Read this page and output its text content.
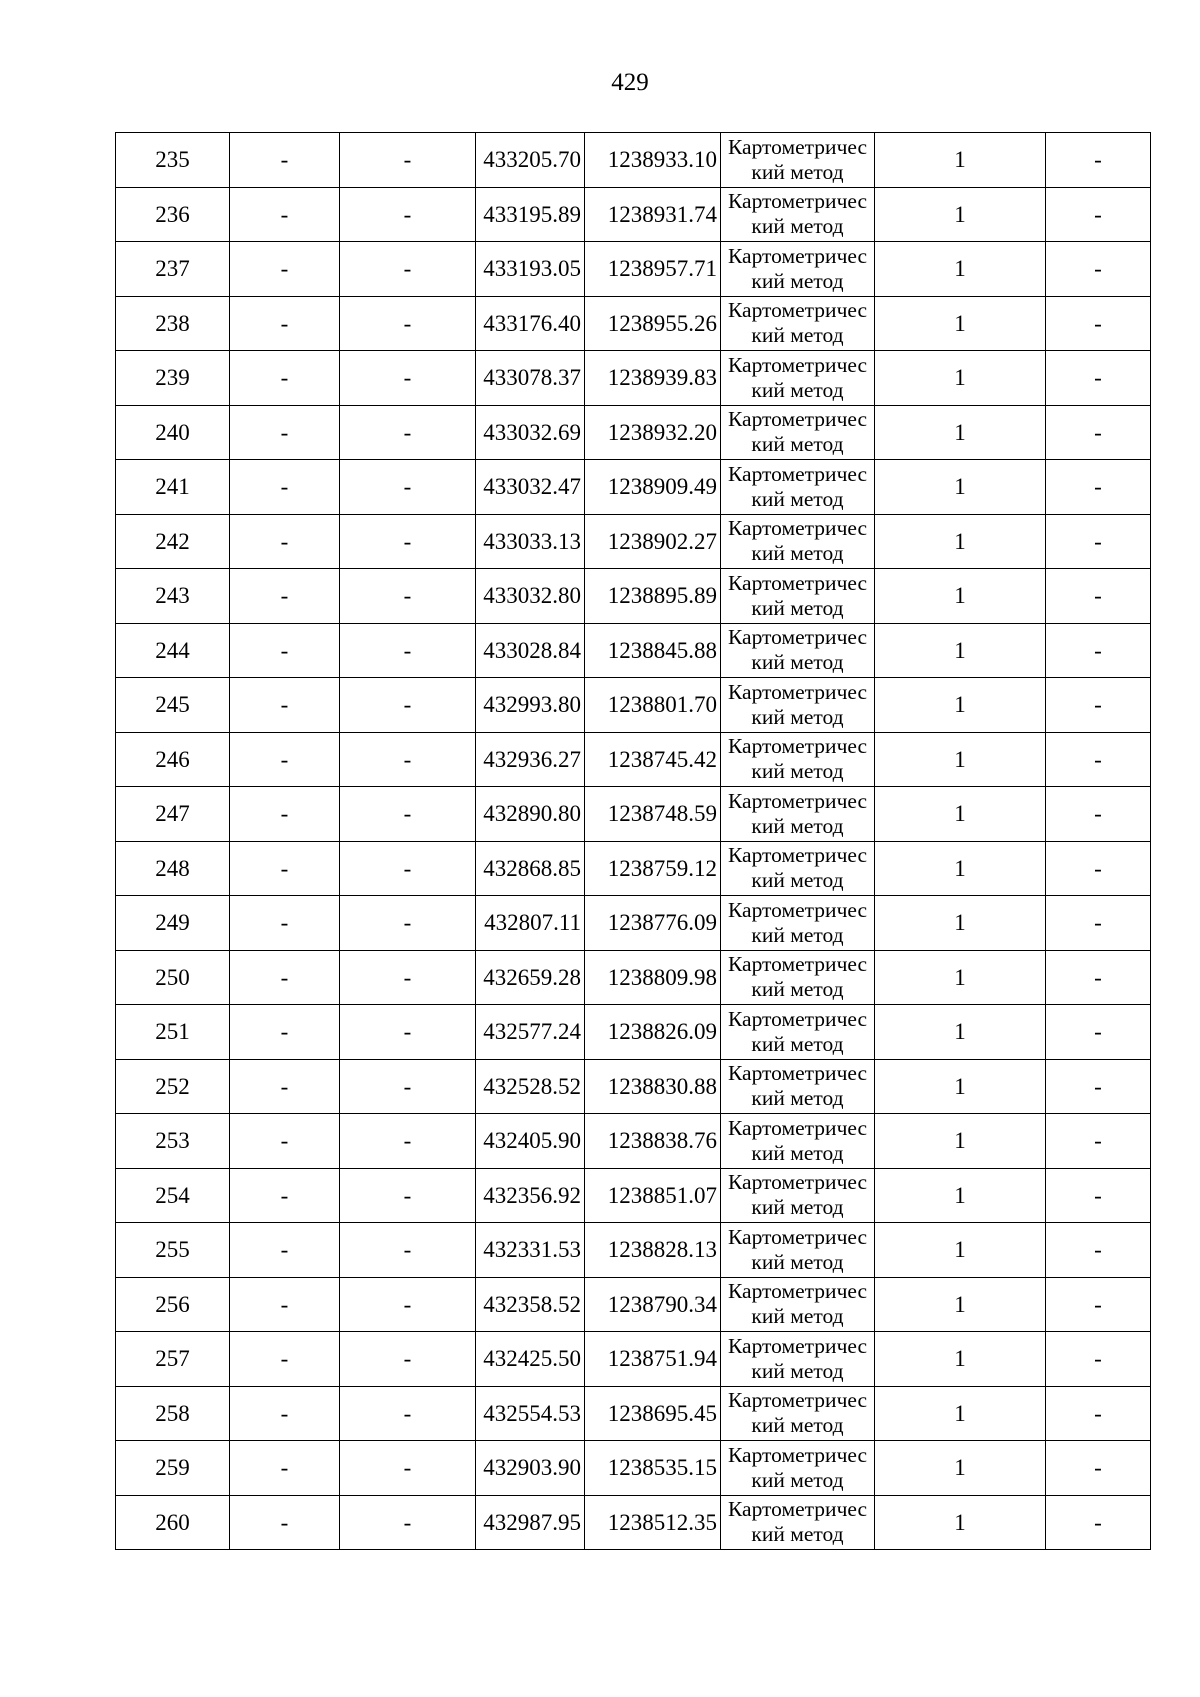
429
235	-	-	433205.70	1238933.10	Картометрический метод	1	-
236	-	-	433195.89	1238931.74	Картометрический метод	1	-
237	-	-	433193.05	1238957.71	Картометрический метод	1	-
238	-	-	433176.40	1238955.26	Картометрический метод	1	-
239	-	-	433078.37	1238939.83	Картометрический метод	1	-
240	-	-	433032.69	1238932.20	Картометрический метод	1	-
241	-	-	433032.47	1238909.49	Картометрический метод	1	-
242	-	-	433033.13	1238902.27	Картометрический метод	1	-
243	-	-	433032.80	1238895.89	Картометрический метод	1	-
244	-	-	433028.84	1238845.88	Картометрический метод	1	-
245	-	-	432993.80	1238801.70	Картометрический метод	1	-
246	-	-	432936.27	1238745.42	Картометрический метод	1	-
247	-	-	432890.80	1238748.59	Картометрический метод	1	-
248	-	-	432868.85	1238759.12	Картометрический метод	1	-
249	-	-	432807.11	1238776.09	Картометрический метод	1	-
250	-	-	432659.28	1238809.98	Картометрический метод	1	-
251	-	-	432577.24	1238826.09	Картометрический метод	1	-
252	-	-	432528.52	1238830.88	Картометрический метод	1	-
253	-	-	432405.90	1238838.76	Картометрический метод	1	-
254	-	-	432356.92	1238851.07	Картометрический метод	1	-
255	-	-	432331.53	1238828.13	Картометрический метод	1	-
256	-	-	432358.52	1238790.34	Картометрический метод	1	-
257	-	-	432425.50	1238751.94	Картометрический метод	1	-
258	-	-	432554.53	1238695.45	Картометрический метод	1	-
259	-	-	432903.90	1238535.15	Картометрический метод	1	-
260	-	-	432987.95	1238512.35	Картометрический метод	1	-
